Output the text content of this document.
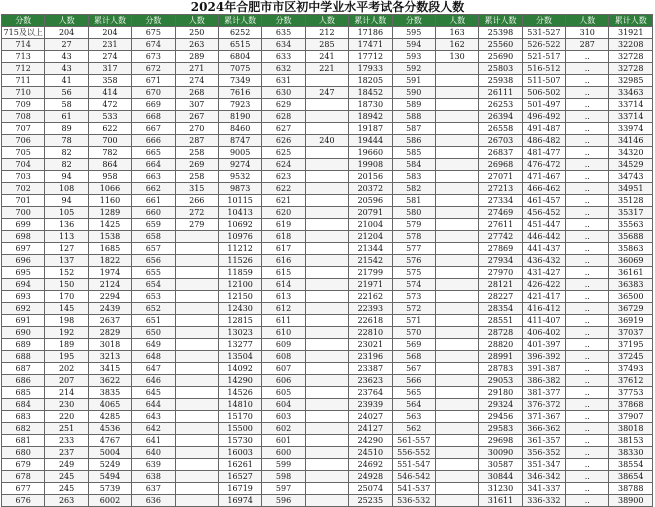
2024年合肥市市区初中学业水平考试各分数段人数
分数	人数	累计人数	分数	人数	累计人数	分数	人数	累计人数	分数	人数	累计人数	分数	人数	累计人数
715及以上	204	204	675	250	6252	635	212	17186	595	163	25398	531-527	310	31921
714	27	231	674	263	6515	634	285	17471	594	162	25560	526-522	287	32208
713	43	274	673	289	6804	633	241	17712	593	130	25690	521-517	..	32728
712	43	317	672	271	7075	632	221	17933	592		25803	516-512	..	32728
711	41	358	671	274	7349	631		18205	591		25938	511-507	..	32985
710	56	414	670	268	7616	630	247	18452	590		26111	506-502	..	33463
709	58	472	669	307	7923	629		18730	589		26253	501-497	..	33714
708	61	533	668	267	8190	628		18942	588		26394	496-492	..	33714
707	89	622	667	270	8460	627		19187	587		26558	491-487	..	33974
706	78	700	666	287	8747	626	240	19444	586		26703	486-482	..	34146
705	82	782	665	258	9005	625		19660	585		26837	481-477	..	34320
704	82	864	664	269	9274	624		19908	584		26968	476-472	..	34529
703	94	958	663	258	9532	623		20156	583		27071	471-467	..	34743
702	108	1066	662	315	9873	622		20372	582		27213	466-462	..	34951
701	94	1160	661	266	10115	621		20596	581		27334	461-457	..	35128
700	105	1289	660	272	10413	620		20791	580		27469	456-452	..	35317
699	136	1425	659	279	10692	619		21004	579		27611	451-447	..	35563
698	113	1538	658		10976	618		21204	578		27742	446-442	..	35688
697	127	1685	657		11212	617		21344	577		27869	441-437	..	35863
696	137	1822	656		11526	616		21542	576		27934	436-432	..	36069
695	152	1974	655		11859	615		21799	575		27970	431-427	..	36161
694	150	2124	654		12100	614		21971	574		28121	426-422	..	36383
693	170	2294	653		12150	613		22162	573		28227	421-417	..	36500
692	145	2439	652		12430	612		22393	572		28354	416-412	..	36729
691	198	2637	651		12815	611		22618	571		28551	411-407	..	36919
690	192	2829	650		13023	610		22810	570		28728	406-402	..	37037
689	189	3018	649		13277	609		23021	569		28820	401-397	..	37195
688	195	3213	648		13504	608		23196	568		28991	396-392	..	37245
687	202	3415	647		14092	607		23387	567		28783	391-387	..	37493
686	207	3622	646		14290	606		23623	566		29053	386-382	..	37612
685	214	3835	645		14526	605		23764	565		29180	381-377	..	37753
684	230	4065	644		14810	604		23939	564		29324	376-372	..	37868
683	220	4285	643		15170	603		24027	563		29456	371-367	..	37907
682	251	4536	642		15500	602		24127	562		29583	366-362	..	38018
681	233	4767	641		15730	601		24290	561-557		29698	361-357	..	38153
680	237	5004	640		16003	600		24510	556-552		30090	356-352	..	38330
679	249	5249	639		16261	599		24692	551-547		30587	351-347	..	38554
678	245	5494	638		16527	598		24928	546-542		30844	346-342	..	38654
677	245	5739	637		16719	597		25074	541-537		31230	341-337	..	38788
676	263	6002	636		16974	596		25235	536-532		31611	336-332	..	38900
